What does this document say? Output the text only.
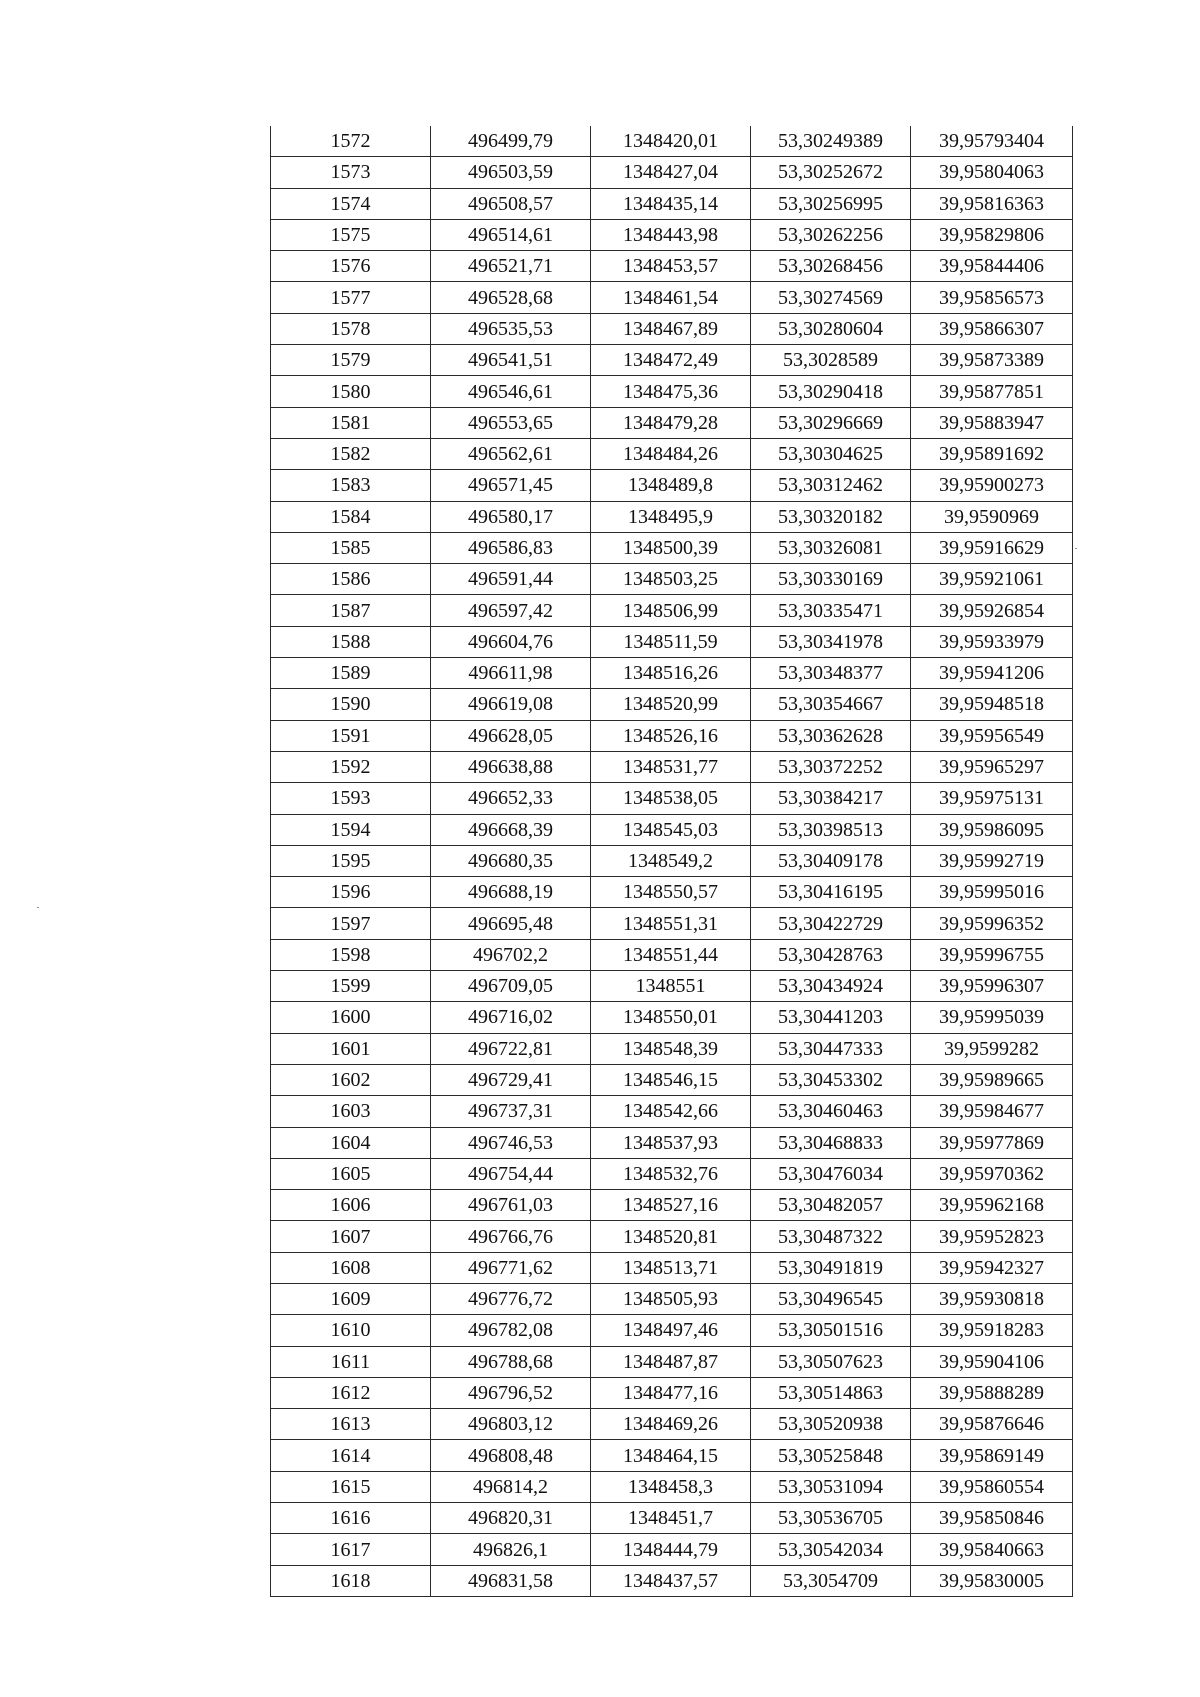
1572	496499,79	1348420,01	53,30249389	39,95793404
1573	496503,59	1348427,04	53,30252672	39,95804063
1574	496508,57	1348435,14	53,30256995	39,95816363
1575	496514,61	1348443,98	53,30262256	39,95829806
1576	496521,71	1348453,57	53,30268456	39,95844406
1577	496528,68	1348461,54	53,30274569	39,95856573
1578	496535,53	1348467,89	53,30280604	39,95866307
1579	496541,51	1348472,49	53,3028589	39,95873389
1580	496546,61	1348475,36	53,30290418	39,95877851
1581	496553,65	1348479,28	53,30296669	39,95883947
1582	496562,61	1348484,26	53,30304625	39,95891692
1583	496571,45	1348489,8	53,30312462	39,95900273
1584	496580,17	1348495,9	53,30320182	39,9590969
1585	496586,83	1348500,39	53,30326081	39,95916629
1586	496591,44	1348503,25	53,30330169	39,95921061
1587	496597,42	1348506,99	53,30335471	39,95926854
1588	496604,76	1348511,59	53,30341978	39,95933979
1589	496611,98	1348516,26	53,30348377	39,95941206
1590	496619,08	1348520,99	53,30354667	39,95948518
1591	496628,05	1348526,16	53,30362628	39,95956549
1592	496638,88	1348531,77	53,30372252	39,95965297
1593	496652,33	1348538,05	53,30384217	39,95975131
1594	496668,39	1348545,03	53,30398513	39,95986095
1595	496680,35	1348549,2	53,30409178	39,95992719
1596	496688,19	1348550,57	53,30416195	39,95995016
1597	496695,48	1348551,31	53,30422729	39,95996352
1598	496702,2	1348551,44	53,30428763	39,95996755
1599	496709,05	1348551	53,30434924	39,95996307
1600	496716,02	1348550,01	53,30441203	39,95995039
1601	496722,81	1348548,39	53,30447333	39,9599282
1602	496729,41	1348546,15	53,30453302	39,95989665
1603	496737,31	1348542,66	53,30460463	39,95984677
1604	496746,53	1348537,93	53,30468833	39,95977869
1605	496754,44	1348532,76	53,30476034	39,95970362
1606	496761,03	1348527,16	53,30482057	39,95962168
1607	496766,76	1348520,81	53,30487322	39,95952823
1608	496771,62	1348513,71	53,30491819	39,95942327
1609	496776,72	1348505,93	53,30496545	39,95930818
1610	496782,08	1348497,46	53,30501516	39,95918283
1611	496788,68	1348487,87	53,30507623	39,95904106
1612	496796,52	1348477,16	53,30514863	39,95888289
1613	496803,12	1348469,26	53,30520938	39,95876646
1614	496808,48	1348464,15	53,30525848	39,95869149
1615	496814,2	1348458,3	53,30531094	39,95860554
1616	496820,31	1348451,7	53,30536705	39,95850846
1617	496826,1	1348444,79	53,30542034	39,95840663
1618	496831,58	1348437,57	53,3054709	39,95830005
